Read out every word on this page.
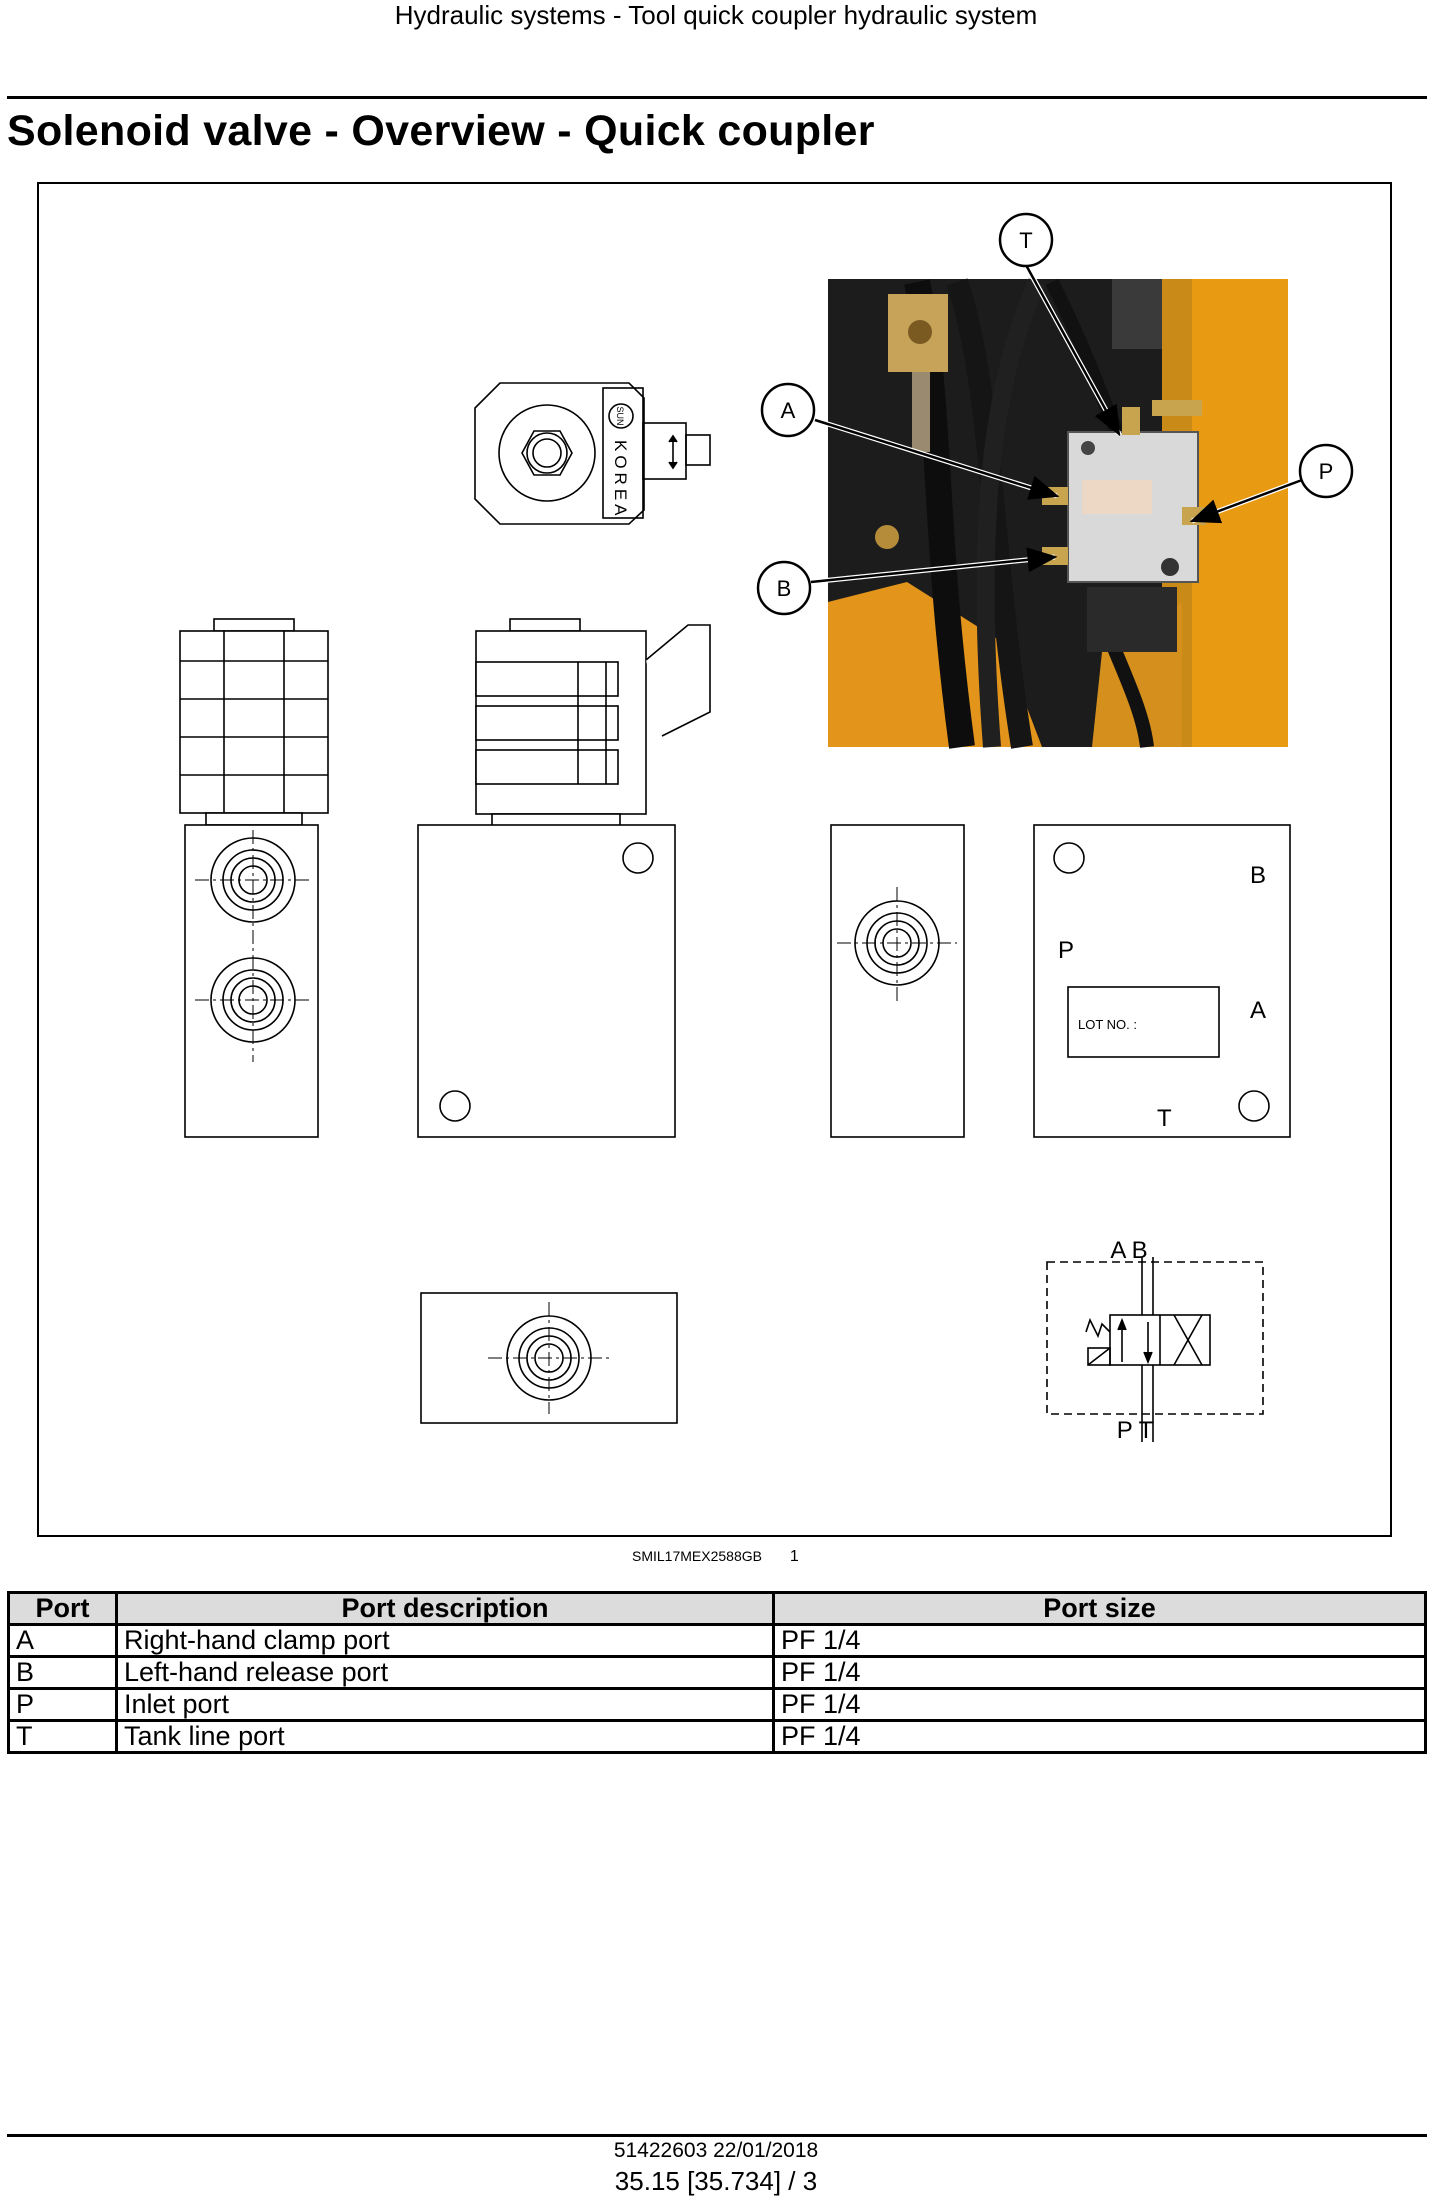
Hydraulic systems - Tool quick coupler hydraulic system
Solenoid valve - Overview - Quick coupler
T
A
P
B
SUN
KOREA
B
P
A
T
LOT NO. :
A B
P T
SMIL17MEX2588GB 1
Port	Port description	Port size
A	Right-hand clamp port	PF 1/4
B	Left-hand release port	PF 1/4
P	Inlet port	PF 1/4
T	Tank line port	PF 1/4
51422603 22/01/2018
35.15 [35.734] / 3
